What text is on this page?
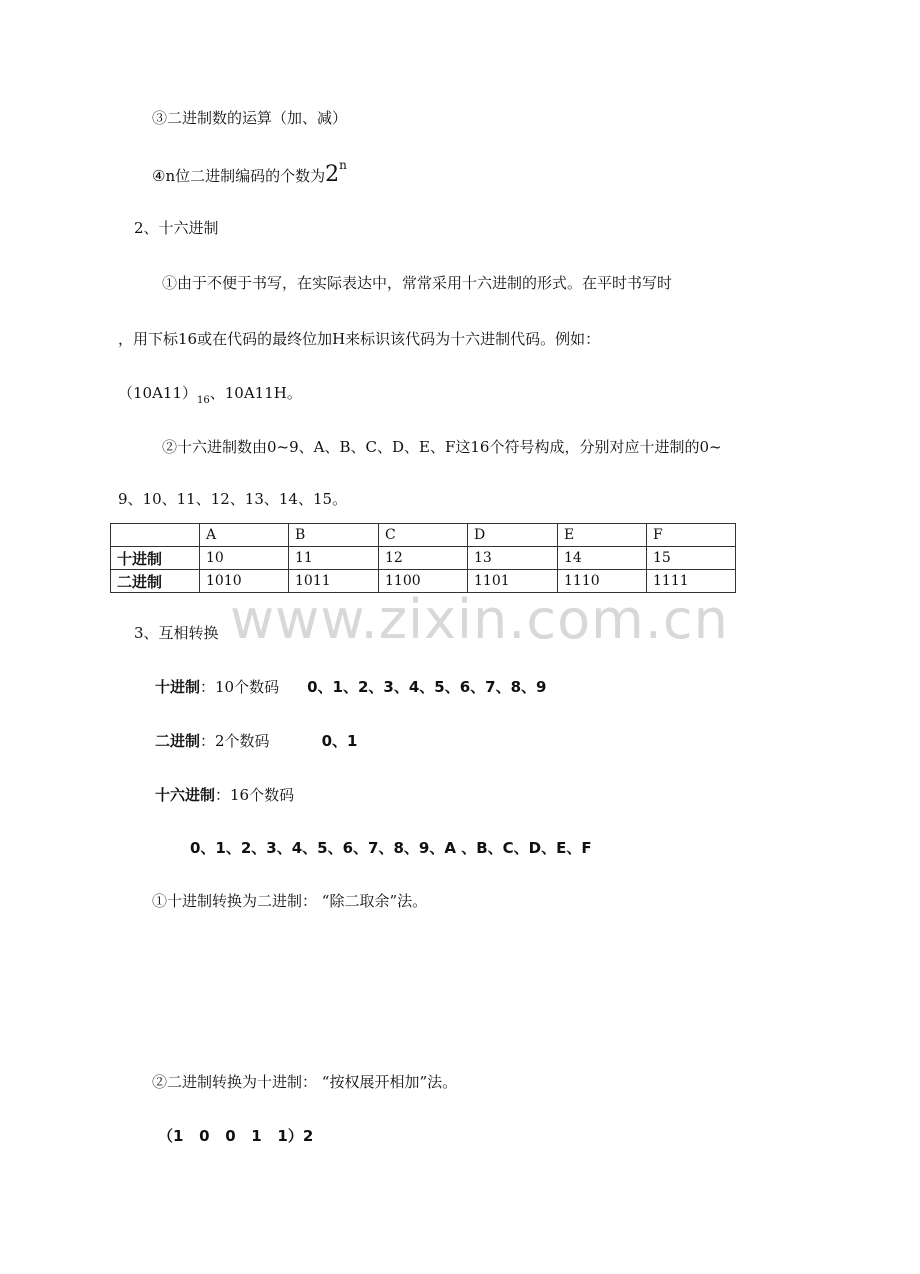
③二进制数的运算（加、减）
④n位二进制编码的个数为2$^n$
2、十六进制
①由于不便于书写，在实际表达中，常常采用十六进制的形式。在平时书写时
，用下标16或在代码的最终位加H来标识该代码为十六进制代码。例如：
$(10A11)_{16}$、10A11H。
②十六进制数由0~9、A、B、C、D、E、F这16个符号构成，分别对应十进制的0~
9、10、11、12、13、14、15。
www.zixin.com.cn
	A	B	C	D	E	F
十进制	10	11	12	13	14	15
二进制	1010	1011	1100	1101	1110	1111
3、互相转换
十进制：10个数码 0、1、2、3、4、5、6、7、8、9
二进制：2个数码	0、1
十六进制：16个数码
0、1、2、3、4、5、6、7、8、9、A 、B、C、D、E、F
①十进制转换为二进制： “除二取余”法。
②二进制转换为十进制： “按权展开相加”法。
（1   0   0   1   1）2
